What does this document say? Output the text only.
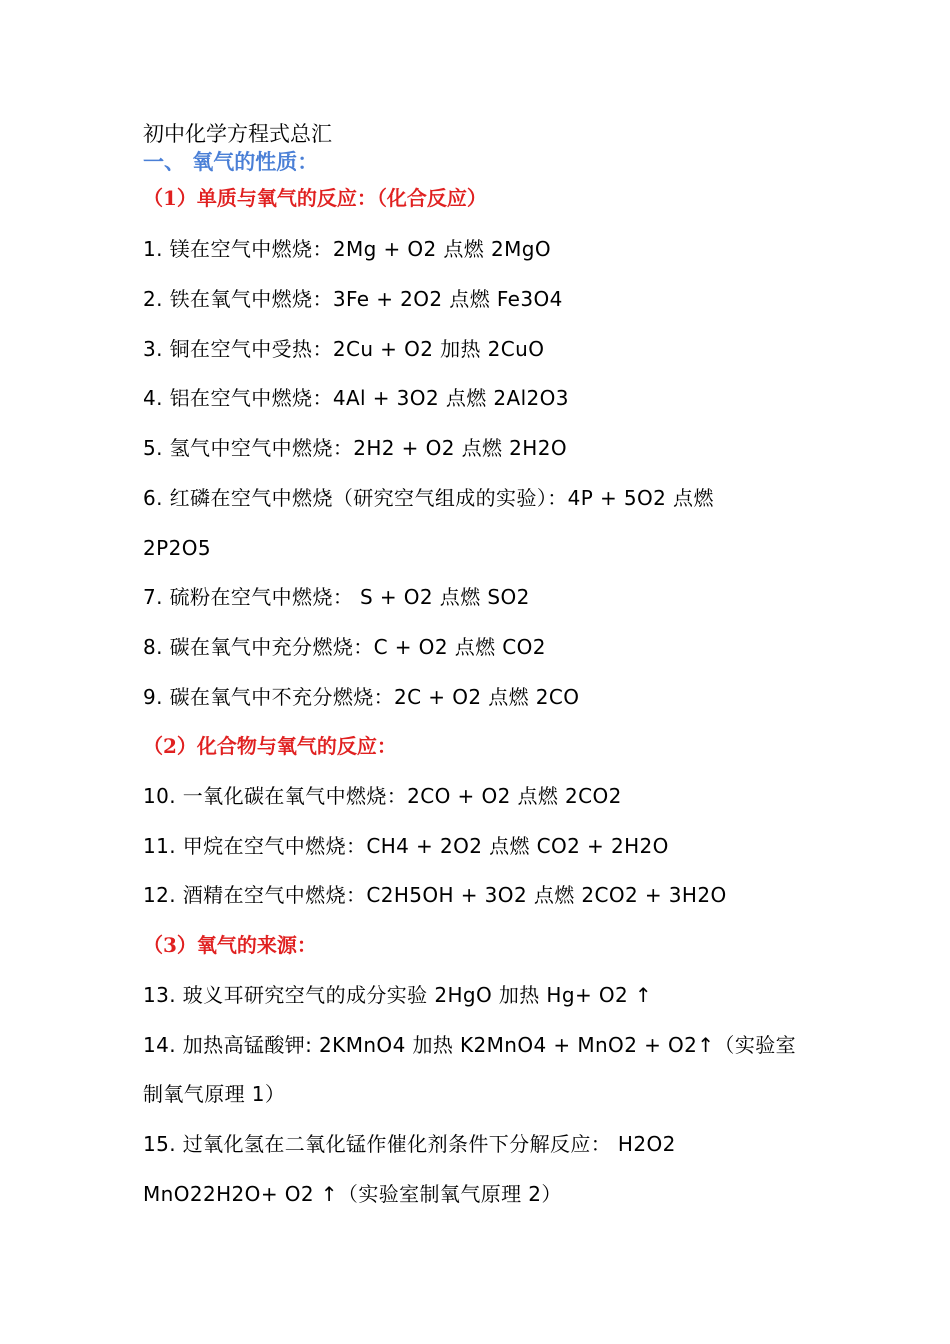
初中化学方程式总汇
一、 氧气的性质：
（1）单质与氧气的反应：（化合反应）
1. 镁在空气中燃烧：2Mg + O2 点燃 2MgO
2. 铁在氧气中燃烧：3Fe + 2O2 点燃 Fe3O4
3. 铜在空气中受热：2Cu + O2 加热 2CuO
4. 铝在空气中燃烧：4Al + 3O2 点燃 2Al2O3
5. 氢气中空气中燃烧：2H2 + O2 点燃 2H2O
6. 红磷在空气中燃烧（研究空气组成的实验）：4P + 5O2 点燃
2P2O5
7. 硫粉在空气中燃烧： S + O2 点燃 SO2
8. 碳在氧气中充分燃烧：C + O2 点燃 CO2
9. 碳在氧气中不充分燃烧：2C + O2 点燃 2CO
（2）化合物与氧气的反应：
10. 一氧化碳在氧气中燃烧：2CO + O2 点燃 2CO2
11. 甲烷在空气中燃烧：CH4 + 2O2 点燃 CO2 + 2H2O
12. 酒精在空气中燃烧：C2H5OH + 3O2 点燃 2CO2 + 3H2O
（3）氧气的来源：
13. 玻义耳研究空气的成分实验 2HgO 加热 Hg+ O2 ↑
14. 加热高锰酸钾: 2KMnO4 加热 K2MnO4 + MnO2 + O2↑（实验室
制氧气原理 1）
15. 过氧化氢在二氧化锰作催化剂条件下分解反应： H2O2
MnO22H2O+ O2 ↑（实验室制氧气原理 2）
